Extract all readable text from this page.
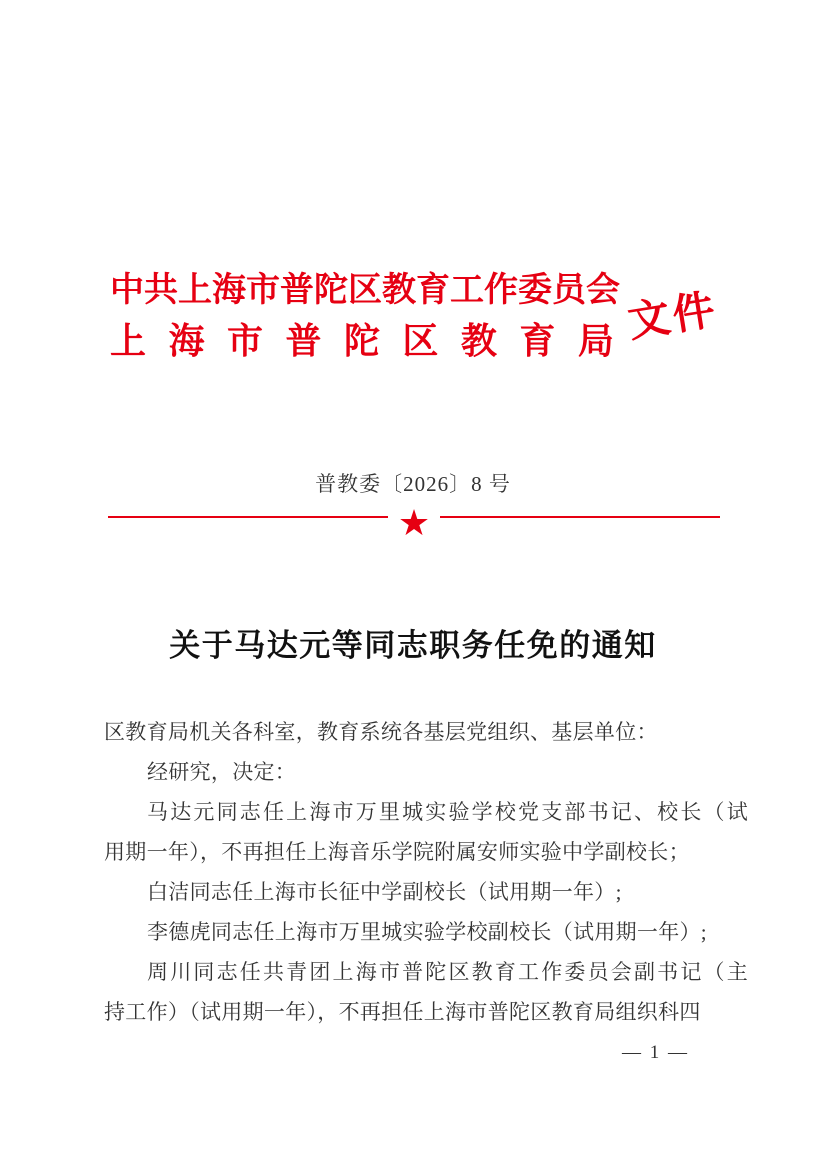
中 共 上 海 市 普 陀 区 教 育 工 作 委 员 会
上 海 市 普 陀 区 教 育 局 文件
普教委〔2026〕8 号
★
关于马达元等同志职务任免的通知
区教育局机关各科室，教育系统各基层党组织、基层单位：
经研究，决定：
马 达 元 同 志 任 上 海 市 万 里 城 实 验 学 校 党 支 部 书 记 、 校 长 （ 试
用期一年），不再担任上海音乐学院附属安师实验中学副校长；
白洁同志任上海市长征中学副校长（试用期一年）;
李德虎同志任上海市万里城实验学校副校长（试用期一年）;
周 川 同 志 任 共 青 团 上 海 市 普 陀 区 教 育 工 作 委 员 会 副 书 记 （ 主
持工作）（试用期一年），不再担任上海市普陀区教育局组织科四
— 1 —
